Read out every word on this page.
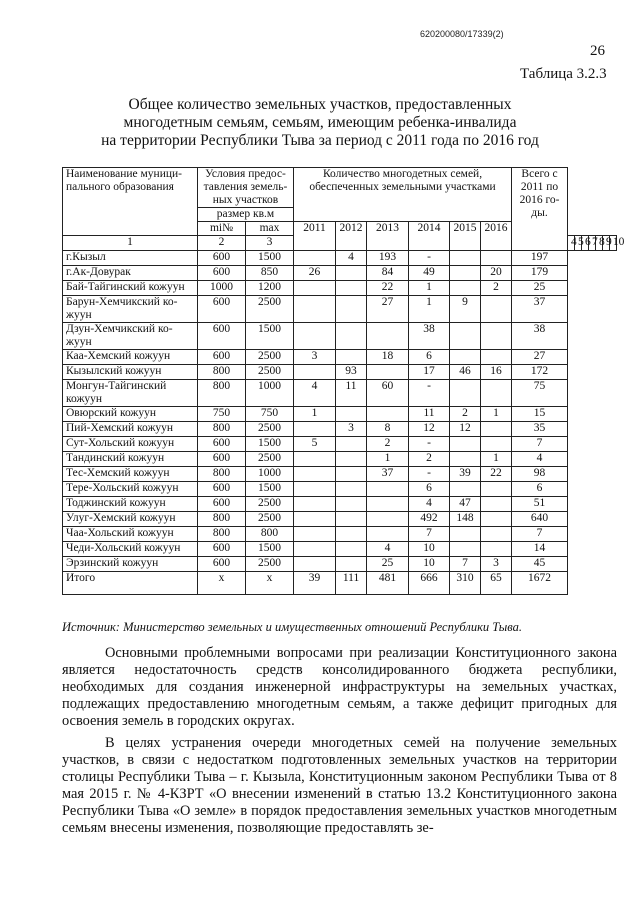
620200080/17339(2)
26
Таблица 3.2.3
Общее количество земельных участков, предоставленных
многодетным семьям, семьям, имеющим ребенка-инвалида
на территории Республики Тыва за период с 2011 года по 2016 год
Наименование муници-пального образования	Условия предос-тавления земель-ных участков		Количество многодетных семей, обеспеченных земельными участками						Всего с 2011 по 2016 го-ды.							
	размер кв.м															
	mi№	max	2011	2012	2013	2014	2015	2016								
1	2	3								4	5	6	7	8	9	10
г.Кызыл	600	1500		4	193	-			197							
г.Ак-Довурак	600	850	26		84	49		20	179							
Бай-Тайгинский кожуун	1000	1200			22	1		2	25							
Барун-Хемчикский ко-жуун	600	2500			27	1	9		37							
Дзун-Хемчикский ко-жуун	600	1500				38			38							
Каа-Хемский кожуун	600	2500	3		18	6			27							
Кызылский кожуун	800	2500		93		17	46	16	172							
Монгун-Тайгинский кожуун	800	1000	4	11	60	-			75							
Овюрский кожуун	750	750	1			11	2	1	15							
Пий-Хемский кожуун	800	2500		3	8	12	12		35							
Сут-Хольский кожуун	600	1500	5		2	-			7							
Тандинский кожуун	600	2500			1	2		1	4							
Тес-Хемский кожуун	800	1000			37	-	39	22	98							
Тере-Хольский кожуун	600	1500				6			6							
Тоджинский кожуун	600	2500				4	47		51							
Улуг-Хемский кожуун	800	2500				492	148		640							
Чаа-Хольский кожуун	800	800				7			7							
Чеди-Хольский кожуун	600	1500			4	10			14							
Эрзинский кожуун	600	2500			25	10	7	3	45							
Итого	х	х	39	111	481	666	310	65	1672							
Источник: Министерство земельных и имущественных отношений Республики Тыва.
Основными проблемными вопросами при реализации Конституционного закона является недостаточность средств консолидированного бюджета республики, необходимых для создания инженерной инфраструктуры на земельных участках, подлежащих предоставлению многодетным семьям, а также дефицит пригодных для освоения земель в городских округах.
В целях устранения очереди многодетных семей на получение земельных участков, в связи с недостатком подготовленных земельных участков на территории столицы Республики Тыва – г. Кызыла, Конституционным законом Республики Тыва от 8 мая 2015 г. № 4-КЗРТ «О внесении изменений в статью 13.2 Конституционного закона Республики Тыва «О земле» в порядок предоставления земельных участков многодетным семьям внесены изменения, позволяющие предоставлять зе-
